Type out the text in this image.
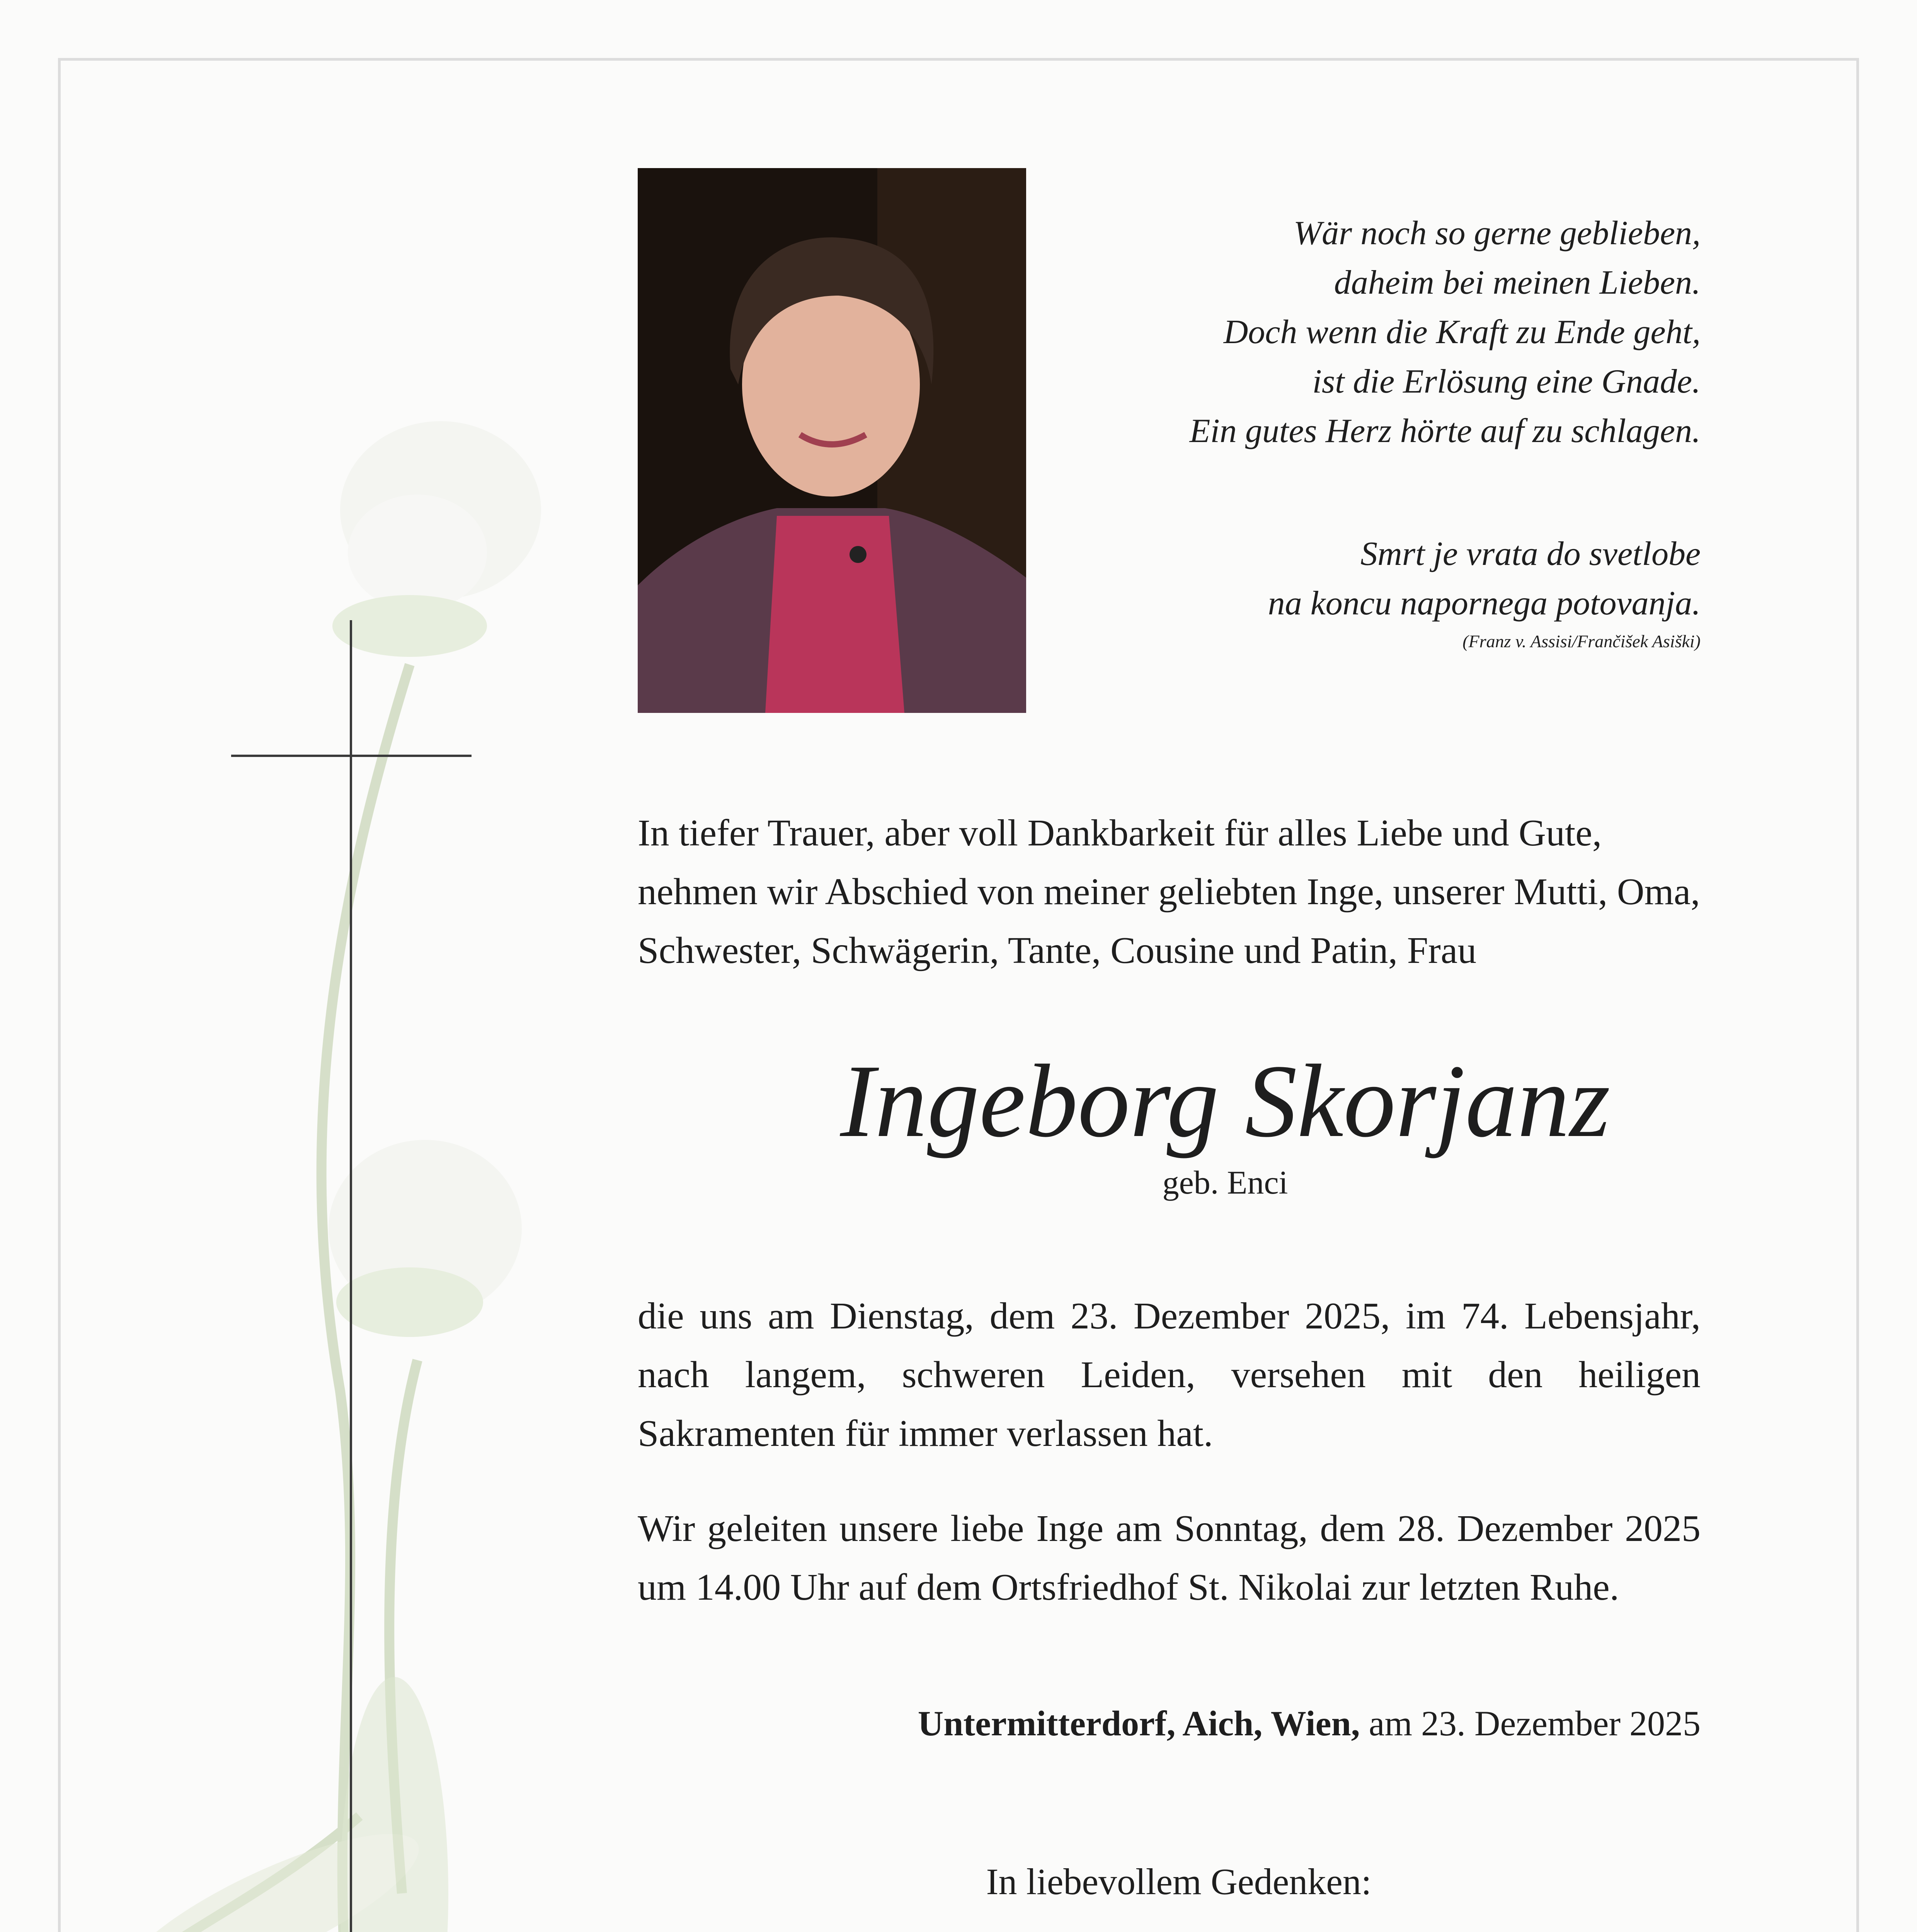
Wär noch so gerne geblieben,
daheim bei meinen Lieben.
Doch wenn die Kraft zu Ende geht,
ist die Erlösung eine Gnade.
Ein gutes Herz hörte auf zu schlagen.
Smrt je vrata do svetlobe
na koncu napornega potovanja.
(Franz v. Assisi/Frančišek Asiški)
In tiefer Trauer, aber voll Dankbarkeit für alles Liebe und Gute, nehmen wir Abschied von meiner geliebten Inge, unserer Mutti, Oma, Schwester, Schwägerin, Tante, Cousine und Patin, Frau
Ingeborg Skorjanz
geb. Enci
die uns am Dienstag, dem 23. Dezember 2025, im 74. Lebensjahr, nach langem, schweren Leiden, versehen mit den heiligen Sakramenten für immer verlassen hat.
Wir geleiten unsere liebe Inge am Sonntag, dem 28. Dezember 2025 um 14.00 Uhr auf dem Ortsfriedhof St. Nikolai zur letzten Ruhe.
Untermitterdorf, Aich, Wien, am 23. Dezember 2025
In liebevollem Gedenken:
